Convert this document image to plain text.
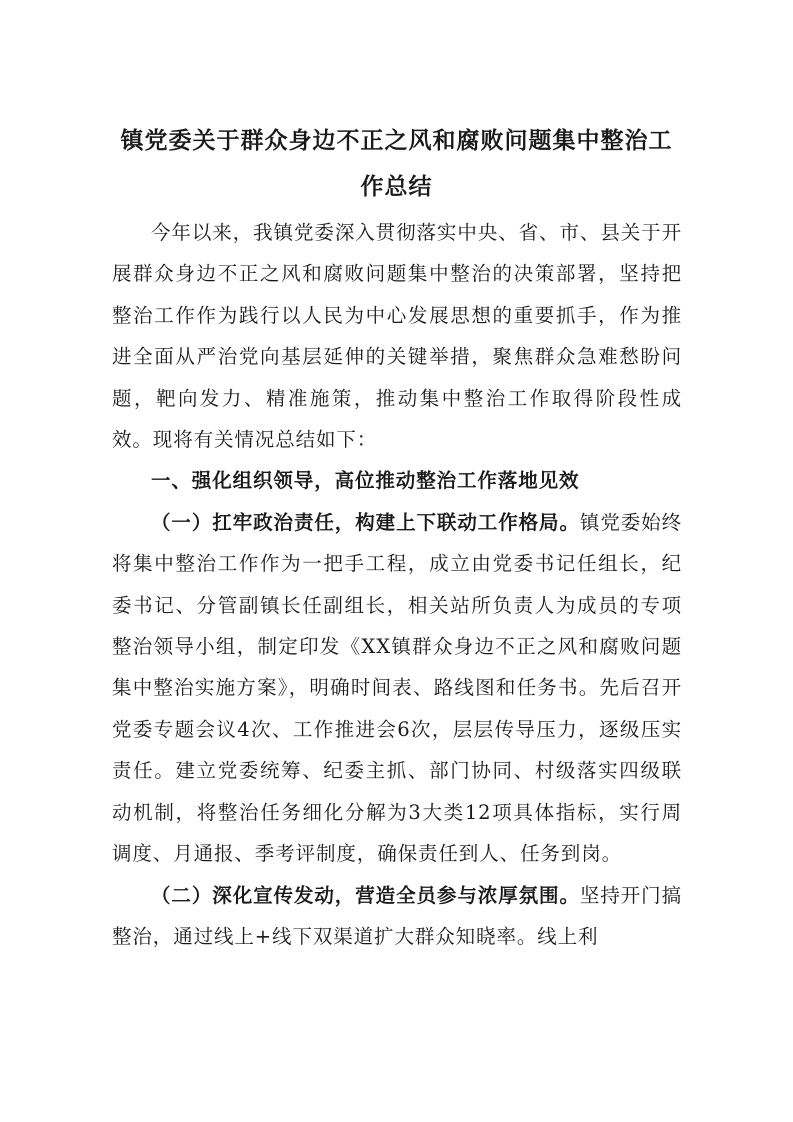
镇党委关于群众身边不正之风和腐败问题集中整治工作总结

今年以来，我镇党委深入贯彻落实中央、省、市、县关于开展群众身边不正之风和腐败问题集中整治的决策部署，坚持把整治工作作为践行以人民为中心发展思想的重要抓手，作为推进全面从严治党向基层延伸的关键举措，聚焦群众急难愁盼问题，靶向发力、精准施策，推动集中整治工作取得阶段性成效。现将有关情况总结如下：

一、强化组织领导，高位推动整治工作落地见效

（一）扛牢政治责任，构建上下联动工作格局。镇党委始终将集中整治工作作为一把手工程，成立由党委书记任组长，纪委书记、分管副镇长任副组长，相关站所负责人为成员的专项整治领导小组，制定印发《XX镇群众身边不正之风和腐败问题集中整治实施方案》，明确时间表、路线图和任务书。先后召开党委专题会议4次、工作推进会6次，层层传导压力，逐级压实责任。建立党委统筹、纪委主抓、部门协同、村级落实四级联动机制，将整治任务细化分解为3大类12项具体指标，实行周调度、月通报、季考评制度，确保责任到人、任务到岗。

（二）深化宣传发动，营造全员参与浓厚氛围。坚持开门搞整治，通过线上+线下双渠道扩大群众知晓率。线上利
